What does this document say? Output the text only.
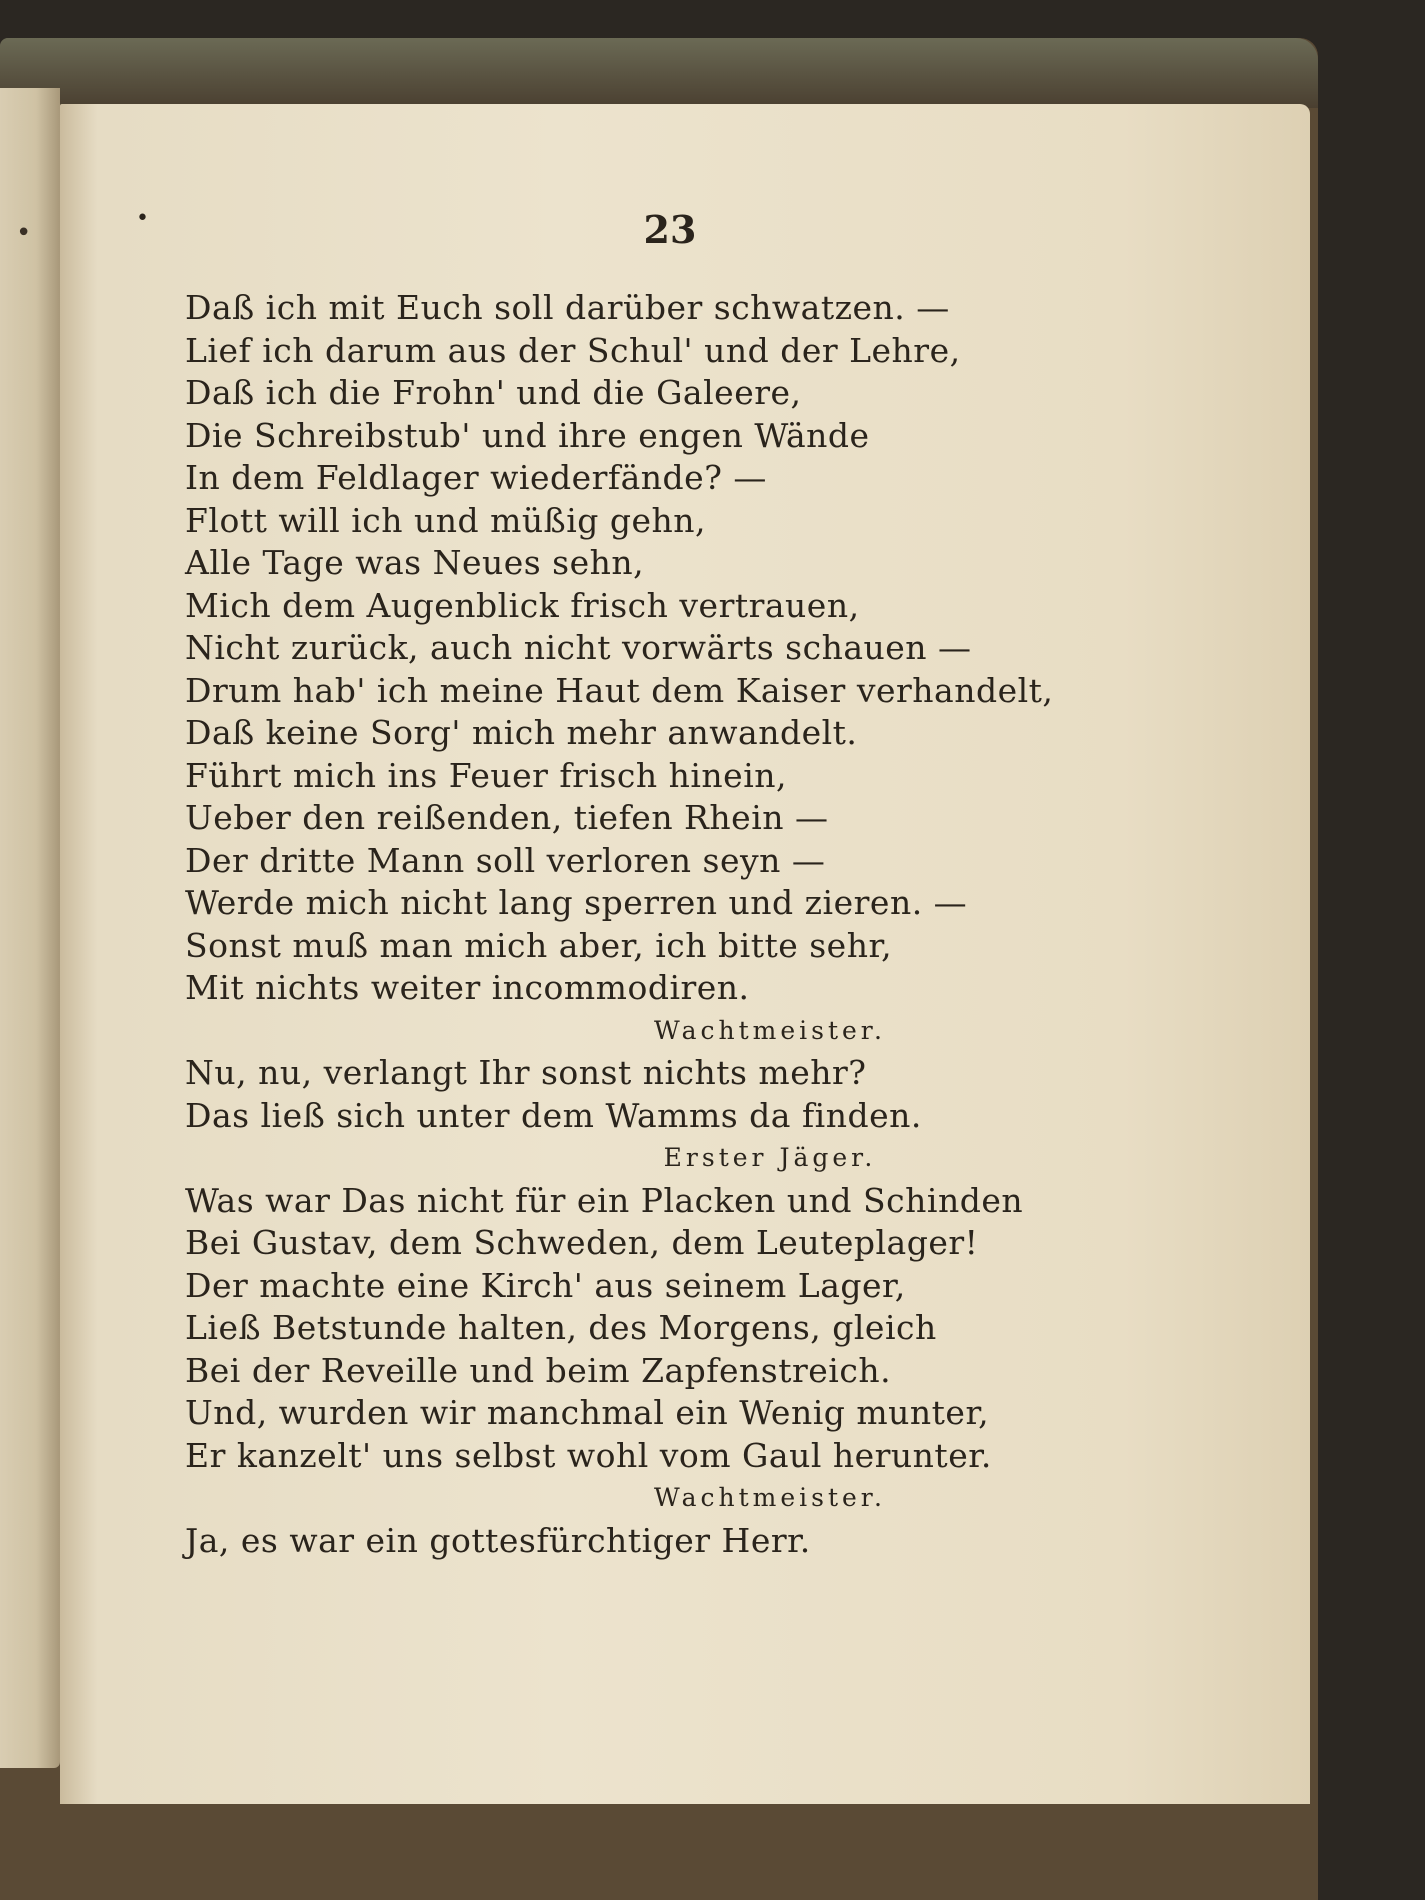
•	•	23
Daß ich mit Euch soll darüber schwatzen. —
Lief ich darum aus der Schul' und der Lehre,
Daß ich die Frohn' und die Galeere,
Die Schreibstub' und ihre engen Wände
In dem Feldlager wiederfände? —
Flott will ich und müßig gehn,
Alle Tage was Neues sehn,
Mich dem Augenblick frisch vertrauen,
Nicht zurück, auch nicht vorwärts schauen —
Drum hab' ich meine Haut dem Kaiser verhandelt,
Daß keine Sorg' mich mehr anwandelt.
Führt mich ins Feuer frisch hinein,
Ueber den reißenden, tiefen Rhein —
Der dritte Mann soll verloren seyn —
Werde mich nicht lang sperren und zieren. —
Sonst muß man mich aber, ich bitte sehr,
Mit nichts weiter incommodiren.
Wachtmeister.
Nu, nu, verlangt Ihr sonst nichts mehr?
Das ließ sich unter dem Wamms da finden.
Erster Jäger.
Was war Das nicht für ein Placken und Schinden
Bei Gustav, dem Schweden, dem Leuteplager!
Der machte eine Kirch' aus seinem Lager,
Ließ Betstunde halten, des Morgens, gleich
Bei der Reveille und beim Zapfenstreich.
Und, wurden wir manchmal ein Wenig munter,
Er kanzelt' uns selbst wohl vom Gaul herunter.
Wachtmeister.
Ja, es war ein gottesfürchtiger Herr.
